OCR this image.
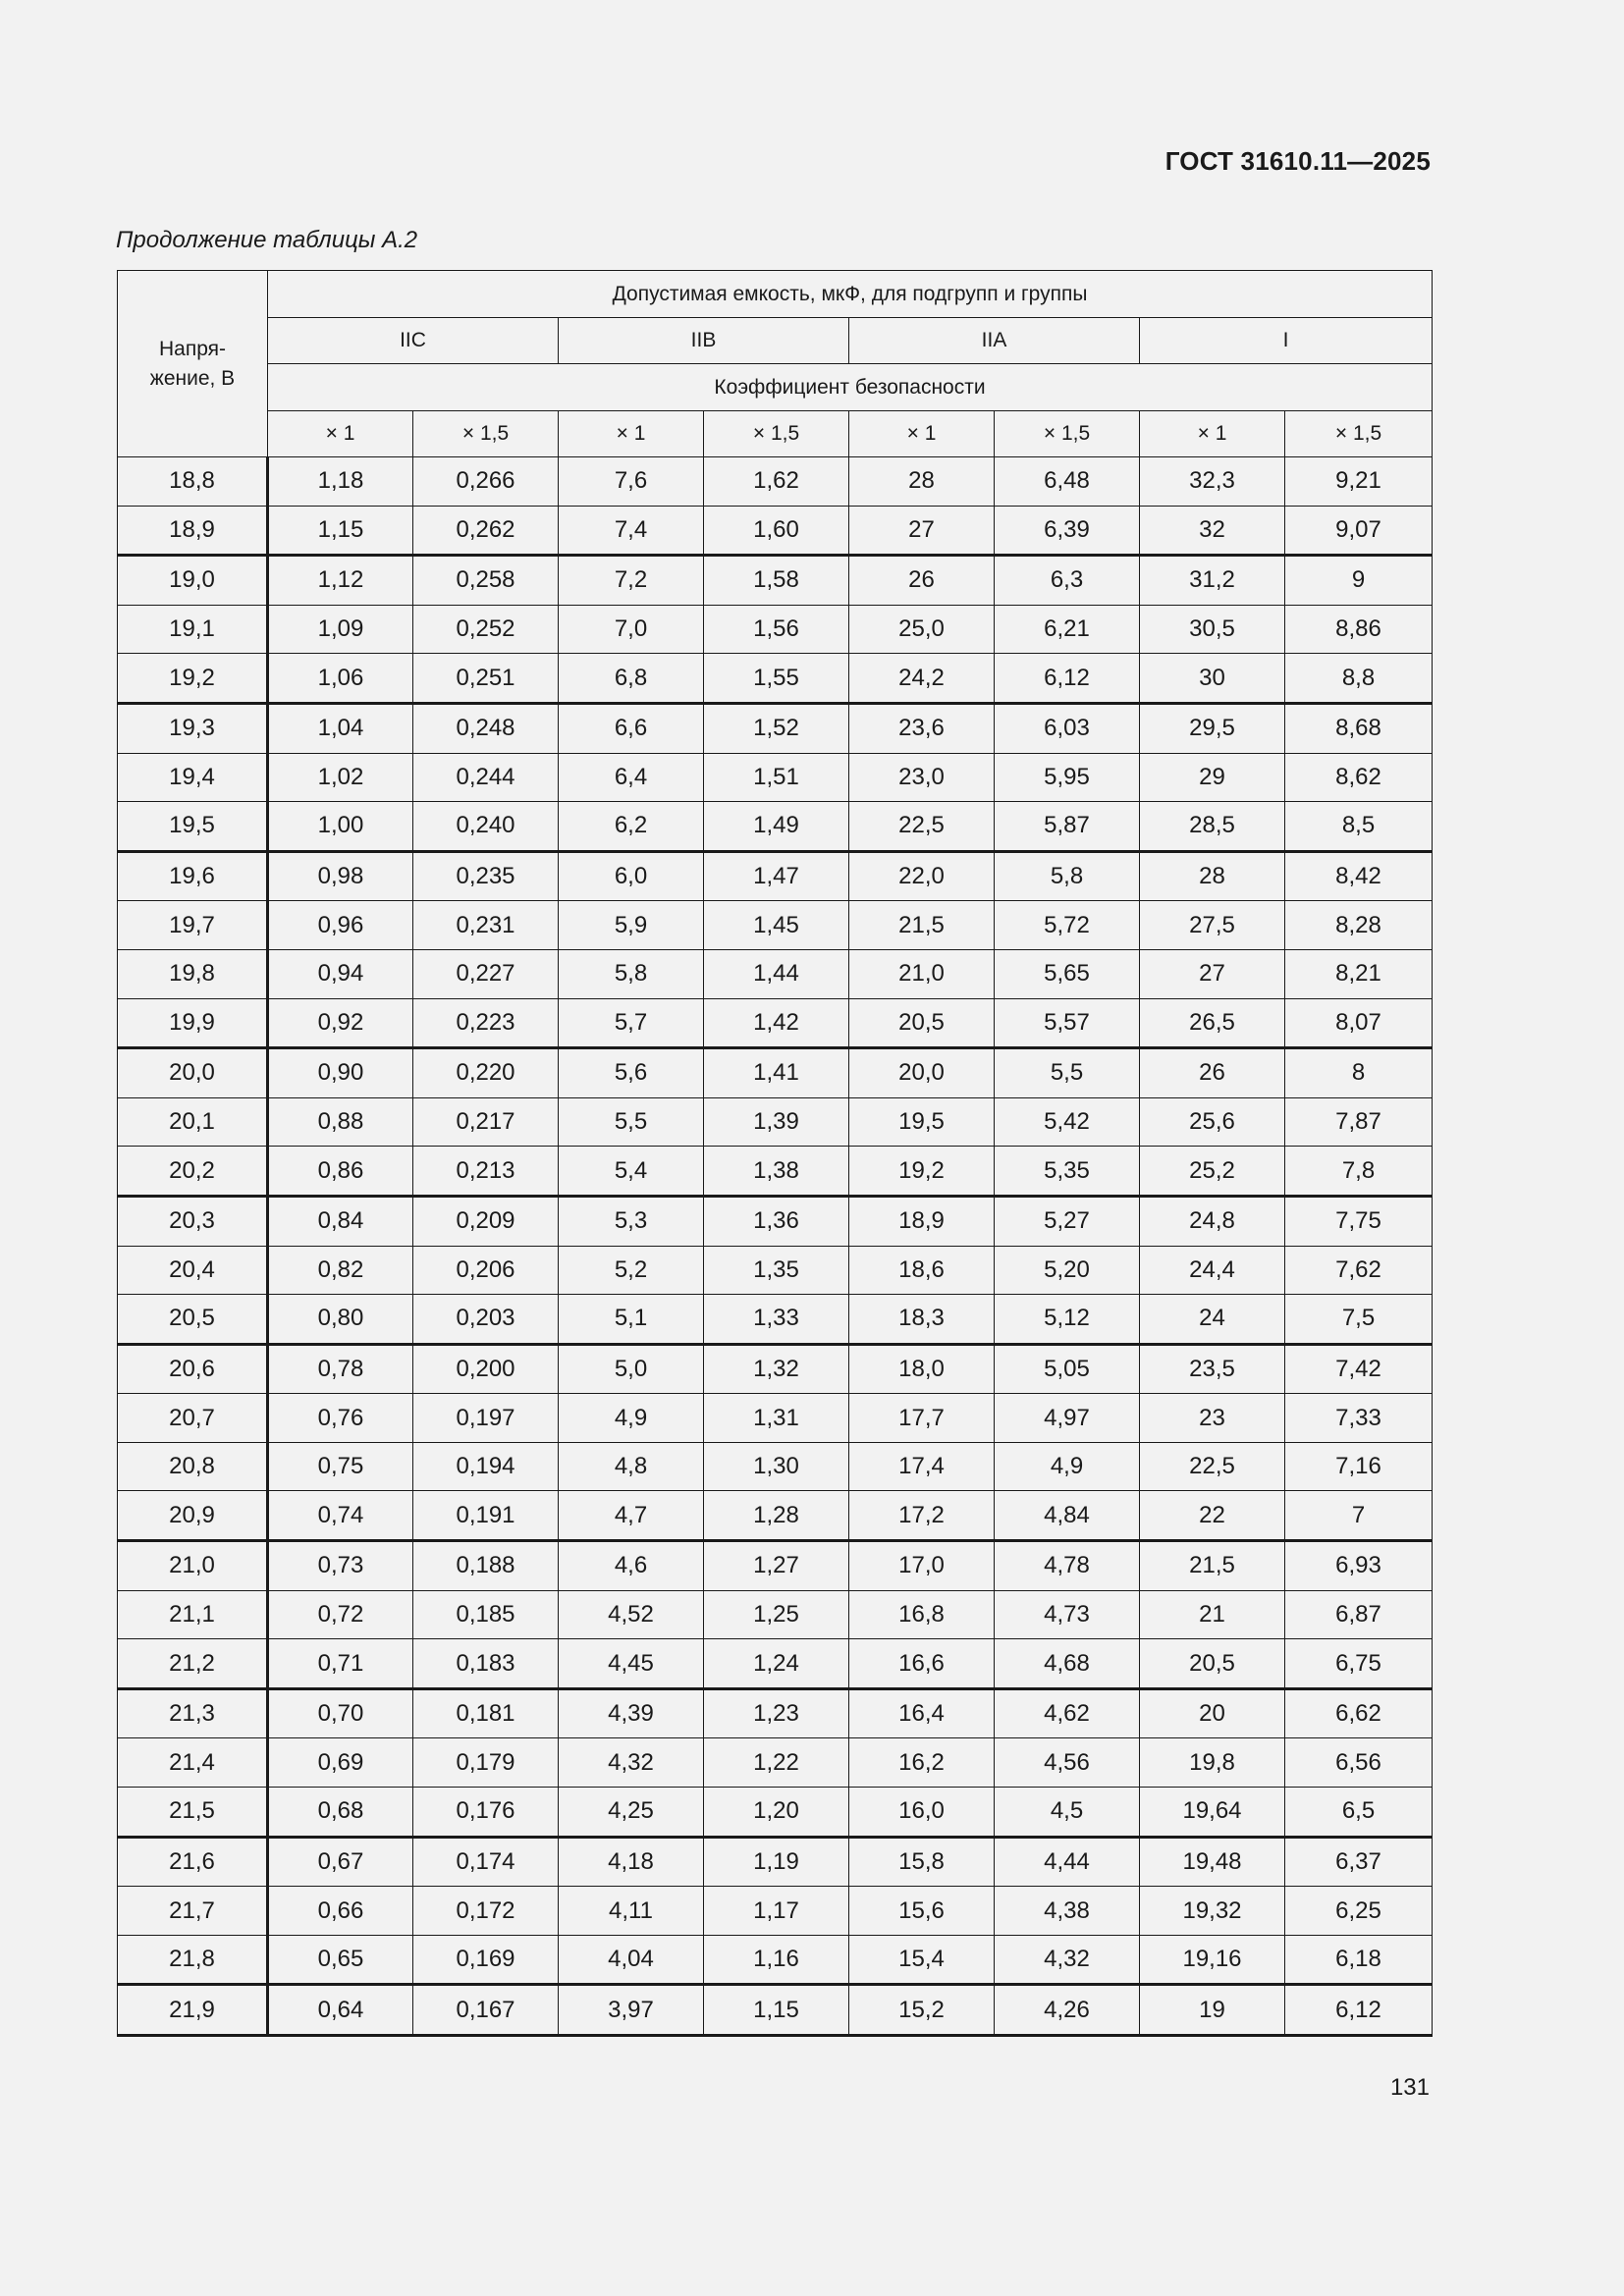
ГОСТ 31610.11—2025
Продолжение таблицы А.2
Напря-
жение, В	Допустимая емкость, мкФ, для подгрупп и группы							
	IIC		IIB		IIA		I	
	Коэффициент безопасности							
	× 1	× 1,5	× 1	× 1,5	× 1	× 1,5	× 1	× 1,5
18,8	1,18	0,266	7,6	1,62	28	6,48	32,3	9,21
18,9	1,15	0,262	7,4	1,60	27	6,39	32	9,07
19,0	1,12	0,258	7,2	1,58	26	6,3	31,2	9
19,1	1,09	0,252	7,0	1,56	25,0	6,21	30,5	8,86
19,2	1,06	0,251	6,8	1,55	24,2	6,12	30	8,8
19,3	1,04	0,248	6,6	1,52	23,6	6,03	29,5	8,68
19,4	1,02	0,244	6,4	1,51	23,0	5,95	29	8,62
19,5	1,00	0,240	6,2	1,49	22,5	5,87	28,5	8,5
19,6	0,98	0,235	6,0	1,47	22,0	5,8	28	8,42
19,7	0,96	0,231	5,9	1,45	21,5	5,72	27,5	8,28
19,8	0,94	0,227	5,8	1,44	21,0	5,65	27	8,21
19,9	0,92	0,223	5,7	1,42	20,5	5,57	26,5	8,07
20,0	0,90	0,220	5,6	1,41	20,0	5,5	26	8
20,1	0,88	0,217	5,5	1,39	19,5	5,42	25,6	7,87
20,2	0,86	0,213	5,4	1,38	19,2	5,35	25,2	7,8
20,3	0,84	0,209	5,3	1,36	18,9	5,27	24,8	7,75
20,4	0,82	0,206	5,2	1,35	18,6	5,20	24,4	7,62
20,5	0,80	0,203	5,1	1,33	18,3	5,12	24	7,5
20,6	0,78	0,200	5,0	1,32	18,0	5,05	23,5	7,42
20,7	0,76	0,197	4,9	1,31	17,7	4,97	23	7,33
20,8	0,75	0,194	4,8	1,30	17,4	4,9	22,5	7,16
20,9	0,74	0,191	4,7	1,28	17,2	4,84	22	7
21,0	0,73	0,188	4,6	1,27	17,0	4,78	21,5	6,93
21,1	0,72	0,185	4,52	1,25	16,8	4,73	21	6,87
21,2	0,71	0,183	4,45	1,24	16,6	4,68	20,5	6,75
21,3	0,70	0,181	4,39	1,23	16,4	4,62	20	6,62
21,4	0,69	0,179	4,32	1,22	16,2	4,56	19,8	6,56
21,5	0,68	0,176	4,25	1,20	16,0	4,5	19,64	6,5
21,6	0,67	0,174	4,18	1,19	15,8	4,44	19,48	6,37
21,7	0,66	0,172	4,11	1,17	15,6	4,38	19,32	6,25
21,8	0,65	0,169	4,04	1,16	15,4	4,32	19,16	6,18
21,9	0,64	0,167	3,97	1,15	15,2	4,26	19	6,12
131
